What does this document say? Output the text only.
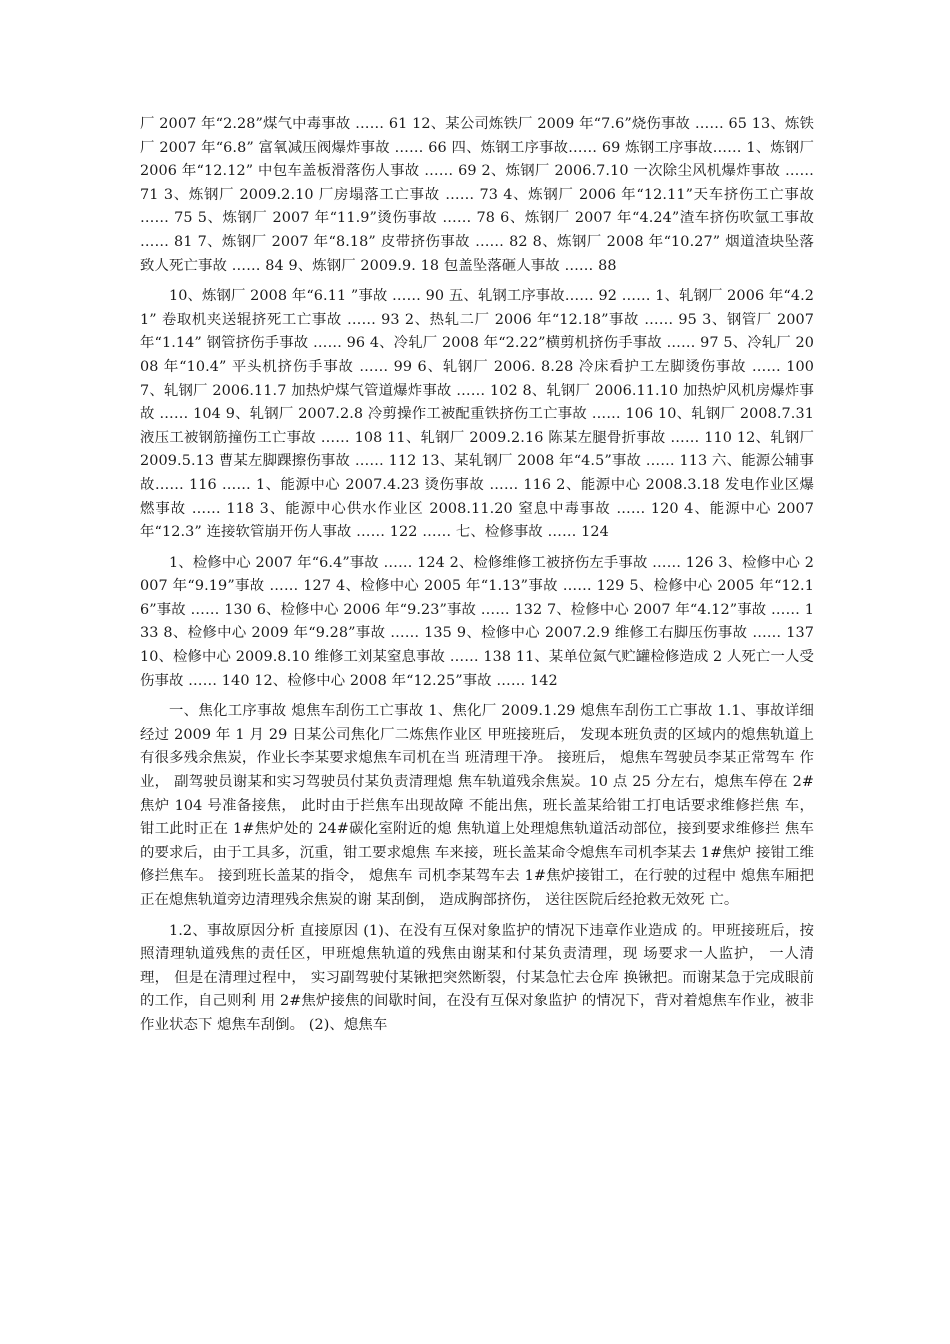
厂 2007 年“2.28”煤气中毒事故 …… 61 12、某公司炼铁厂 2009 年“7.6”烧伤事故 …… 65 13、炼铁厂 2007 年“6.8” 富氧减压阀爆炸事故 …… 66 四、炼钢工序事故…… 69 炼钢工序事故…… 1、炼钢厂 2006 年“12.12” 中包车盖板滑落伤人事故 …… 69 2、炼钢厂 2006.7.10 一次除尘风机爆炸事故 …… 71 3、炼钢厂 2009.2.10 厂房塌落工亡事故 …… 73 4、炼钢厂 2006 年“12.11”天车挤伤工亡事故 …… 75 5、炼钢厂 2007 年“11.9”烫伤事故 …… 78 6、炼钢厂 2007 年“4.24”渣车挤伤吹氩工事故 …… 81 7、炼钢厂 2007 年“8.18” 皮带挤伤事故 …… 82 8、炼钢厂 2008 年“10.27” 烟道渣块坠落致人死亡事故 …… 84 9、炼钢厂 2009.9. 18 包盖坠落砸人事故 …… 88

10、炼钢厂 2008 年“6.11 ”事故 …… 90 五、轧钢工序事故…… 92 …… 1、轧钢厂 2006 年“4.21” 卷取机夹送辊挤死工亡事故 …… 93 2、热轧二厂 2006 年“12.18”事故 …… 95 3、钢管厂 2007 年“1.14” 钢管挤伤手事故 …… 96 4、冷轧厂 2008 年“2.22”横剪机挤伤手事故 …… 97 5、冷轧厂 2008 年“10.4” 平头机挤伤手事故 …… 99 6、轧钢厂 2006. 8.28 冷床看护工左脚烫伤事故 …… 100 7、轧钢厂 2006.11.7 加热炉煤气管道爆炸事故 …… 102 8、轧钢厂 2006.11.10 加热炉风机房爆炸事故 …… 104 9、轧钢厂 2007.2.8 冷剪操作工被配重铁挤伤工亡事故 …… 106 10、轧钢厂 2008.7.31 液压工被钢筋撞伤工亡事故 …… 108 11、轧钢厂 2009.2.16 陈某左腿骨折事故 …… 110 12、轧钢厂 2009.5.13 曹某左脚踝擦伤事故 …… 112 13、某轧钢厂 2008 年“4.5”事故 …… 113 六、能源公辅事故…… 116 …… 1、能源中心 2007.4.23 烫伤事故 …… 116 2、能源中心 2008.3.18 发电作业区爆燃事故 …… 118 3、能源中心供水作业区 2008.11.20 窒息中毒事故 …… 120 4、能源中心 2007 年“12.3” 连接软管崩开伤人事故 …… 122 …… 七、检修事故 …… 124

1、检修中心 2007 年“6.4”事故 …… 124 2、检修维修工被挤伤左手事故 …… 126 3、检修中心 2007 年“9.19”事故 …… 127 4、检修中心 2005 年“1.13”事故 …… 129 5、检修中心 2005 年“12.16”事故 …… 130 6、检修中心 2006 年“9.23”事故 …… 132 7、检修中心 2007 年“4.12”事故 …… 133 8、检修中心 2009 年“9.28”事故 …… 135 9、检修中心 2007.2.9 维修工右脚压伤事故 …… 137 10、检修中心 2009.8.10 维修工刘某窒息事故 …… 138 11、某单位氮气贮罐检修造成 2 人死亡一人受伤事故 …… 140 12、检修中心 2008 年“12.25”事故 …… 142

一、焦化工序事故 熄焦车刮伤工亡事故 1、焦化厂 2009.1.29 熄焦车刮伤工亡事故 1.1、事故详细经过 2009 年 1 月 29 日某公司焦化厂二炼焦作业区 甲班接班后， 发现本班负责的区域内的熄焦轨道上 有很多残余焦炭，作业长李某要求熄焦车司机在当 班清理干净。 接班后， 熄焦车驾驶员李某正常驾车 作业， 副驾驶员谢某和实习驾驶员付某负责清理熄 焦车轨道残余焦炭。10 点 25 分左右，熄焦车停在 2#焦炉 104 号准备接焦， 此时由于拦焦车出现故障 不能出焦，班长盖某给钳工打电话要求维修拦焦 车， 钳工此时正在 1#焦炉处的 24#碳化室附近的熄 焦轨道上处理熄焦轨道活动部位，接到要求维修拦 焦车的要求后，由于工具多，沉重，钳工要求熄焦 车来接，班长盖某命令熄焦车司机李某去 1#焦炉 接钳工维修拦焦车。 接到班长盖某的指令， 熄焦车 司机李某驾车去 1#焦炉接钳工，在行驶的过程中 熄焦车厢把正在熄焦轨道旁边清理残余焦炭的谢 某刮倒， 造成胸部挤伤， 送往医院后经抢救无效死 亡。

1.2、事故原因分析 直接原因 (1)、在没有互保对象监护的情况下违章作业造成 的。甲班接班后，按照清理轨道残焦的责任区，甲班熄焦轨道的残焦由谢某和付某负责清理，现 场要求一人监护， 一人清理， 但是在清理过程中， 实习副驾驶付某锹把突然断裂，付某急忙去仓库 换锹把。而谢某急于完成眼前的工作，自己则利 用 2#焦炉接焦的间歇时间，在没有互保对象监护 的情况下，背对着熄焦车作业，被非作业状态下 熄焦车刮倒。 (2)、熄焦车
